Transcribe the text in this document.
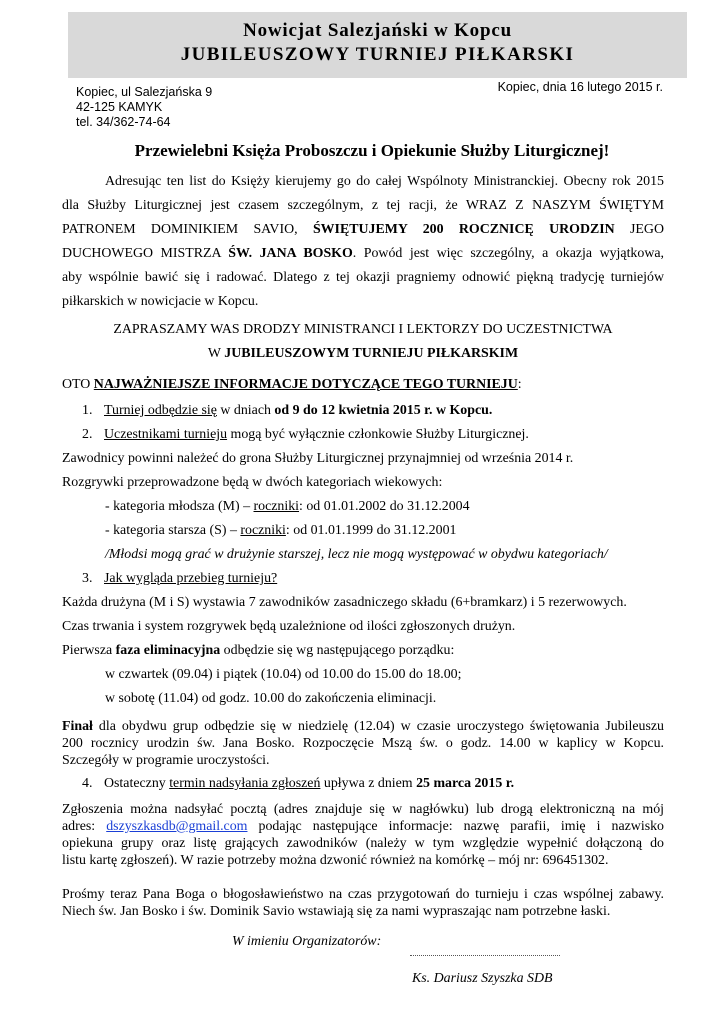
Nowicjat Salezjański w Kopcu
JUBILEUSZOWY TURNIEJ PIŁKARSKI
Kopiec, ul Salezjańska 9
42-125 KAMYK
tel. 34/362-74-64
Kopiec, dnia 16 lutego 2015 r.
Przewielebni Księża Proboszczu i Opiekunie Służby Liturgicznej!
Adresując ten list do Księży kierujemy go do całej Wspólnoty Ministranckiej. Obecny rok 2015
dla Służby Liturgicznej jest czasem szczególnym, z tej racji, że WRAZ Z NASZYM ŚWIĘTYM
PATRONEM DOMINIKIEM SAVIO, ŚWIĘTUJEMY 200 ROCZNICĘ URODZIN JEGO
DUCHOWEGO MISTRZA ŚW. JANA BOSKO. Powód jest więc szczególny, a okazja wyjątkowa,
aby wspólnie bawić się i radować. Dlatego z tej okazji pragniemy odnowić piękną tradycję turniejów
piłkarskich w nowicjacie w Kopcu.
ZAPRASZAMY WAS DRODZY MINISTRANCI I LEKTORZY DO UCZESTNICTWA
W JUBILEUSZOWYM TURNIEJU PIŁKARSKIM
OTO NAJWAŻNIEJSZE INFORMACJE DOTYCZĄCE TEGO TURNIEJU:
1. Turniej odbędzie się w dniach od 9 do 12 kwietnia 2015 r. w Kopcu.
2. Uczestnikami turnieju mogą być wyłącznie członkowie Służby Liturgicznej.
Zawodnicy powinni należeć do grona Służby Liturgicznej przynajmniej od września 2014 r.
Rozgrywki przeprowadzone będą w dwóch kategoriach wiekowych:
- kategoria młodsza (M) – roczniki: od 01.01.2002 do 31.12.2004
- kategoria starsza (S) – roczniki: od 01.01.1999 do 31.12.2001
/Młodsi mogą grać w drużynie starszej, lecz nie mogą występować w obydwu kategoriach/
3. Jak wygląda przebieg turnieju?
Każda drużyna (M i S) wystawia 7 zawodników zasadniczego składu (6+bramkarz) i 5 rezerwowych.
Czas trwania i system rozgrywek będą uzależnione od ilości zgłoszonych drużyn.
Pierwsza faza eliminacyjna odbędzie się wg następującego porządku:
w czwartek (09.04) i piątek (10.04) od 10.00 do 15.00 do 18.00;
w sobotę (11.04) od godz. 10.00 do zakończenia eliminacji.
Finał dla obydwu grup odbędzie się w niedzielę (12.04) w czasie uroczystego świętowania Jubileuszu
200 rocznicy urodzin św. Jana Bosko. Rozpoczęcie Mszą św. o godz. 14.00 w kaplicy w Kopcu.
Szczegóły w programie uroczystości.
4. Ostateczny termin nadsyłania zgłoszeń upływa z dniem 25 marca 2015 r.
Zgłoszenia można nadsyłać pocztą (adres znajduje się w nagłówku) lub drogą elektroniczną na mój
adres: dszyszkasdb@gmail.com podając następujące informacje: nazwę parafii, imię i nazwisko
opiekuna grupy oraz listę grających zawodników (należy w tym względzie wypełnić dołączoną do
listu kartę zgłoszeń). W razie potrzeby można dzwonić również na komórkę – mój nr: 696451302.
Prośmy teraz Pana Boga o błogosławieństwo na czas przygotowań do turnieju i czas wspólnej zabawy.
Niech św. Jan Bosko i św. Dominik Savio wstawiają się za nami wypraszając nam potrzebne łaski.
W imieniu Organizatorów:
Ks. Dariusz Szyszka SDB
